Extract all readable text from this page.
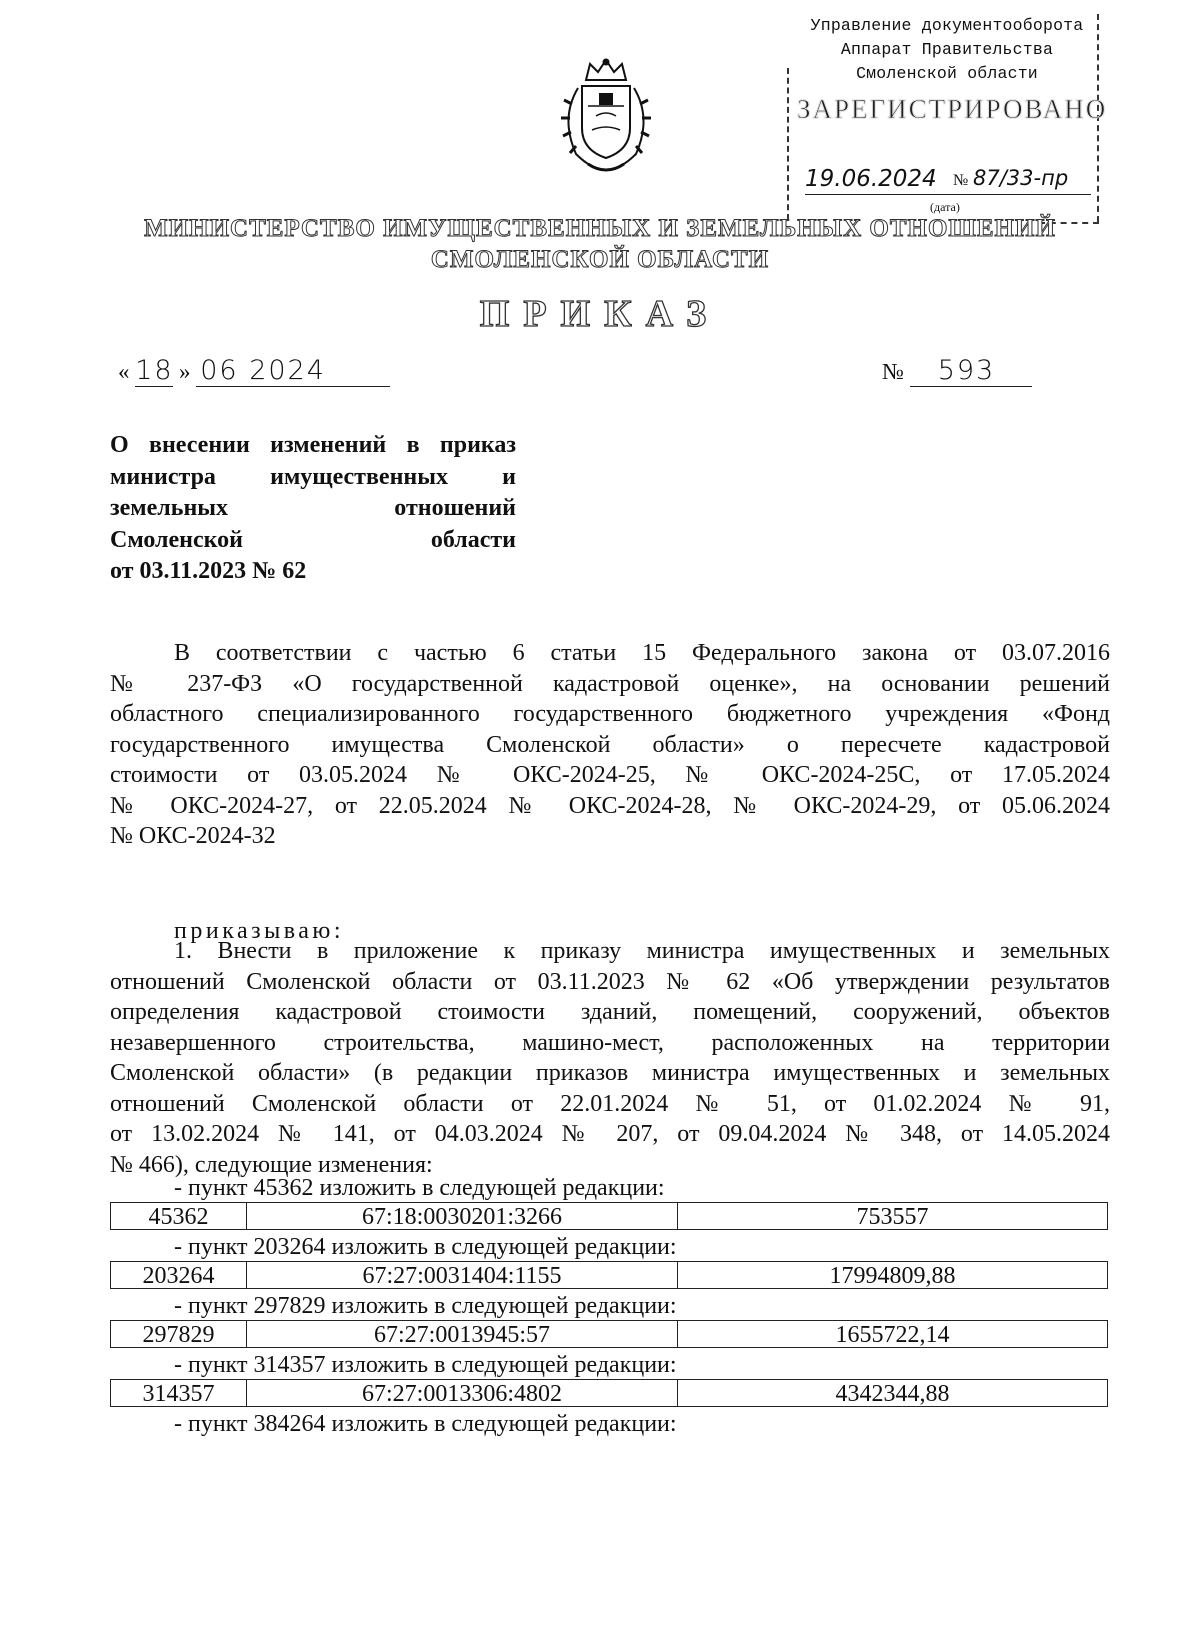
Управление документооборота
Аппарат Правительства
Смоленской области
ЗАРЕГИСТРИРОВАНО
19.06.2024 № 87/33-пр
(дата)
МИНИСТЕРСТВО ИМУЩЕСТВЕННЫХ И ЗЕМЕЛЬНЫХ ОТНОШЕНИЙ
СМОЛЕНСКОЙ ОБЛАСТИ
ПРИКАЗ
« 18 » 06 2024	№ 593
О внесении изменений в приказ
министра имущественных и
земельных отношений
Смоленской области
от 03.11.2023 № 62
В соответствии с частью 6 статьи 15 Федерального закона от 03.07.2016
№ 237-ФЗ «О государственной кадастровой оценке», на основании решений
областного специализированного государственного бюджетного учреждения «Фонд
государственного имущества Смоленской области» о пересчете кадастровой
стоимости от 03.05.2024 № ОКС-2024-25, № ОКС-2024-25С, от 17.05.2024
№ ОКС-2024-27, от 22.05.2024 № ОКС-2024-28, № ОКС-2024-29, от 05.06.2024
№ ОКС-2024-32
приказываю:
1. Внести в приложение к приказу министра имущественных и земельных
отношений Смоленской области от 03.11.2023 № 62 «Об утверждении результатов
определения кадастровой стоимости зданий, помещений, сооружений, объектов
незавершенного строительства, машино-мест, расположенных на территории
Смоленской области» (в редакции приказов министра имущественных и земельных
отношений Смоленской области от 22.01.2024 № 51, от 01.02.2024 № 91,
от 13.02.2024 № 141, от 04.03.2024 № 207, от 09.04.2024 № 348, от 14.05.2024
№ 466), следующие изменения:
- пункт 45362 изложить в следующей редакции:
45362	67:18:0030201:3266	753557
- пункт 203264 изложить в следующей редакции:
203264	67:27:0031404:1155	17994809,88
- пункт 297829 изложить в следующей редакции:
297829	67:27:0013945:57	1655722,14
- пункт 314357 изложить в следующей редакции:
314357	67:27:0013306:4802	4342344,88
- пункт 384264 изложить в следующей редакции:
